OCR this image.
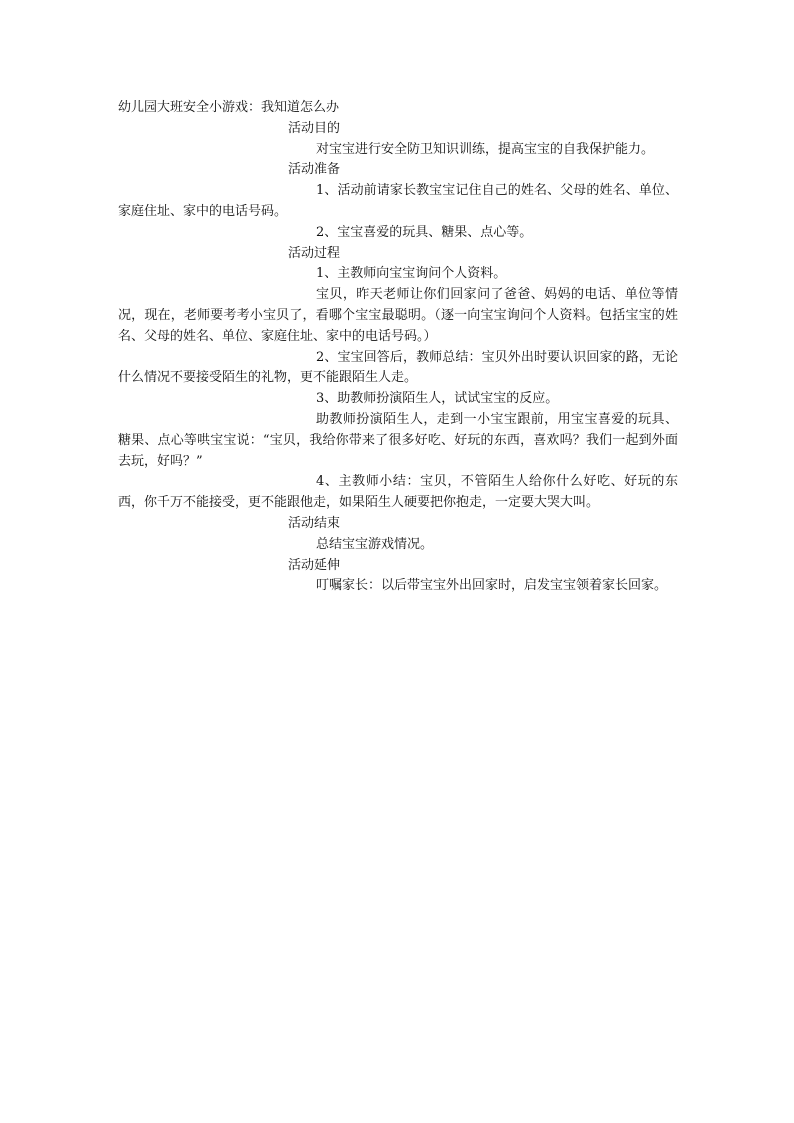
幼儿园大班安全小游戏：我知道怎么办
活动目的
对宝宝进行安全防卫知识训练，提高宝宝的自我保护能力。
活动准备
1、活动前请家长教宝宝记住自己的姓名、父母的姓名、单位、家庭住址、家中的电话号码。
2、宝宝喜爱的玩具、糖果、点心等。
活动过程
1、主教师向宝宝询问个人资料。
宝贝，昨天老师让你们回家问了爸爸、妈妈的电话、单位等情况，现在，老师要考考小宝贝了，看哪个宝宝最聪明。（逐一向宝宝询问个人资料。包括宝宝的姓名、父母的姓名、单位、家庭住址、家中的电话号码。）
2、宝宝回答后，教师总结：宝贝外出时要认识回家的路，无论什么情况不要接受陌生的礼物，更不能跟陌生人走。
3、助教师扮演陌生人，试试宝宝的反应。
助教师扮演陌生人，走到一小宝宝跟前，用宝宝喜爱的玩具、糖果、点心等哄宝宝说：“宝贝，我给你带来了很多好吃、好玩的东西，喜欢吗？我们一起到外面去玩，好吗？”
4、主教师小结：宝贝，不管陌生人给你什么好吃、好玩的东西，你千万不能接受，更不能跟他走，如果陌生人硬要把你抱走，一定要大哭大叫。
活动结束
总结宝宝游戏情况。
活动延伸
叮嘱家长：以后带宝宝外出回家时，启发宝宝领着家长回家。
